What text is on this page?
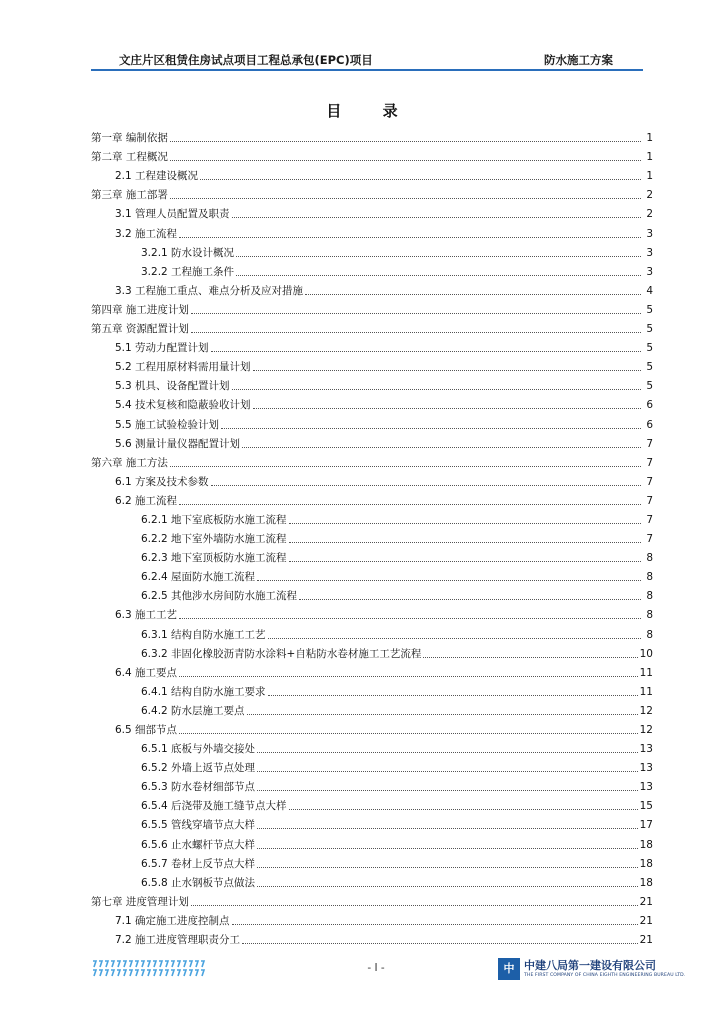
文庄片区租赁住房试点项目工程总承包(EPC)项目	防水施工方案
目 录
第一章 编制依据	1
第二章 工程概况	1
2.1 工程建设概况	1
第三章 施工部署	2
3.1 管理人员配置及职责	2
3.2 施工流程	3
3.2.1 防水设计概况	3
3.2.2 工程施工条件	3
3.3 工程施工重点、难点分析及应对措施	4
第四章 施工进度计划	5
第五章 资源配置计划	5
5.1 劳动力配置计划	5
5.2 工程用原材料需用量计划	5
5.3 机具、设备配置计划	5
5.4 技术复核和隐蔽验收计划	6
5.5 施工试验检验计划	6
5.6 测量计量仪器配置计划	7
第六章 施工方法	7
6.1 方案及技术参数	7
6.2 施工流程	7
6.2.1 地下室底板防水施工流程	7
6.2.2 地下室外墙防水施工流程	7
6.2.3 地下室顶板防水施工流程	8
6.2.4 屋面防水施工流程	8
6.2.5 其他涉水房间防水施工流程	8
6.3 施工工艺	8
6.3.1 结构自防水施工工艺	8
6.3.2 非固化橡胶沥青防水涂料+自粘防水卷材施工工艺流程	10
6.4 施工要点	11
6.4.1 结构自防水施工要求	11
6.4.2 防水层施工要点	12
6.5 细部节点	12
6.5.1 底板与外墙交接处	13
6.5.2 外墙上返节点处理	13
6.5.3 防水卷材细部节点	13
6.5.4 后浇带及施工缝节点大样	15
6.5.5 管线穿墙节点大样	17
6.5.6 止水螺杆节点大样	18
6.5.7 卷材上反节点大样	18
6.5.8 止水钢板节点做法	18
第七章 进度管理计划	21
7.1 确定施工进度控制点	21
7.2 施工进度管理职责分工	21
- I -	中 中建八局第一建设有限公司
THE FIRST COMPANY OF CHINA EIGHTH ENGINEERING BUREAU LTD.
